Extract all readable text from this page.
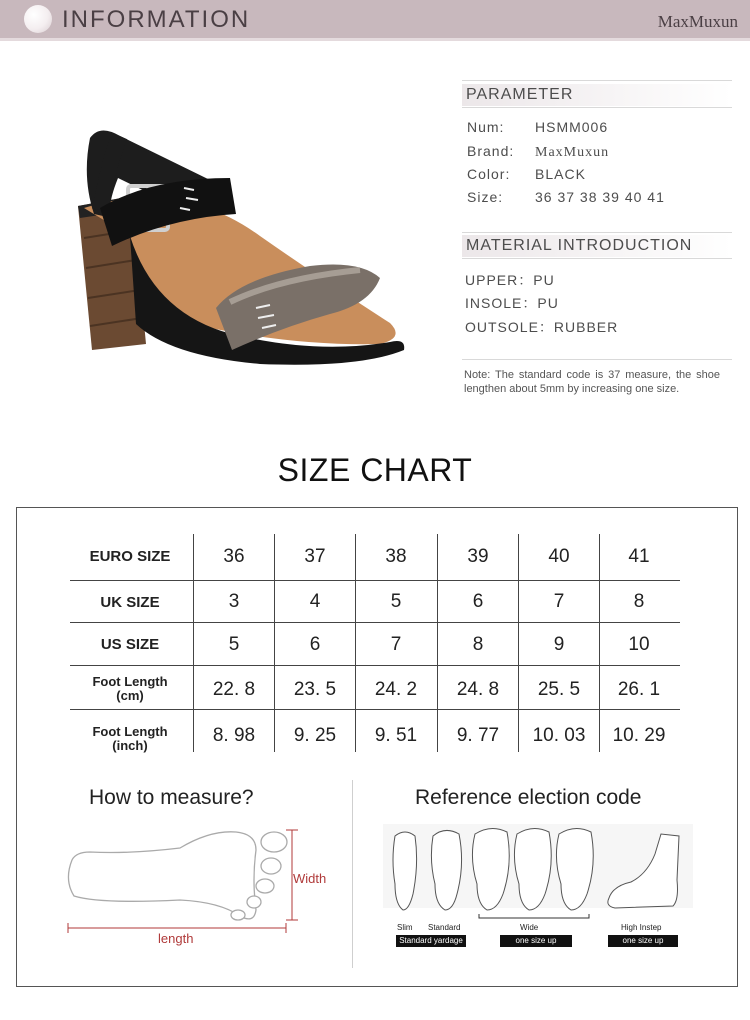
INFORMATION	MaxMuxun
PARAMETER
Num: HSMM006
Brand: MaxMuxun
Color: BLACK
Size: 36 37 38 39 40 41
MATERIAL INTRODUCTION
UPPER：PU
INSOLE：PU
OUTSOLE：RUBBER
Note: The standard code is 37 measure, the shoe lengthen about 5mm by increasing one size.
SIZE CHART
EURO SIZE	36	37	38	39	40	41
UK SIZE	3	4	5	6	7	8
US SIZE	5	6	7	8	9	10
Foot Length
(cm)	22. 8	23. 5	24. 2	24. 8	25. 5	26. 1
Foot Length
(inch)	8. 98	9. 25	9. 51	9. 77	10. 03	10. 29
How to measure?
Width
length
Reference election code
Slim Standard	Wide	High Instep
Standard yardage	one size up	one size up
